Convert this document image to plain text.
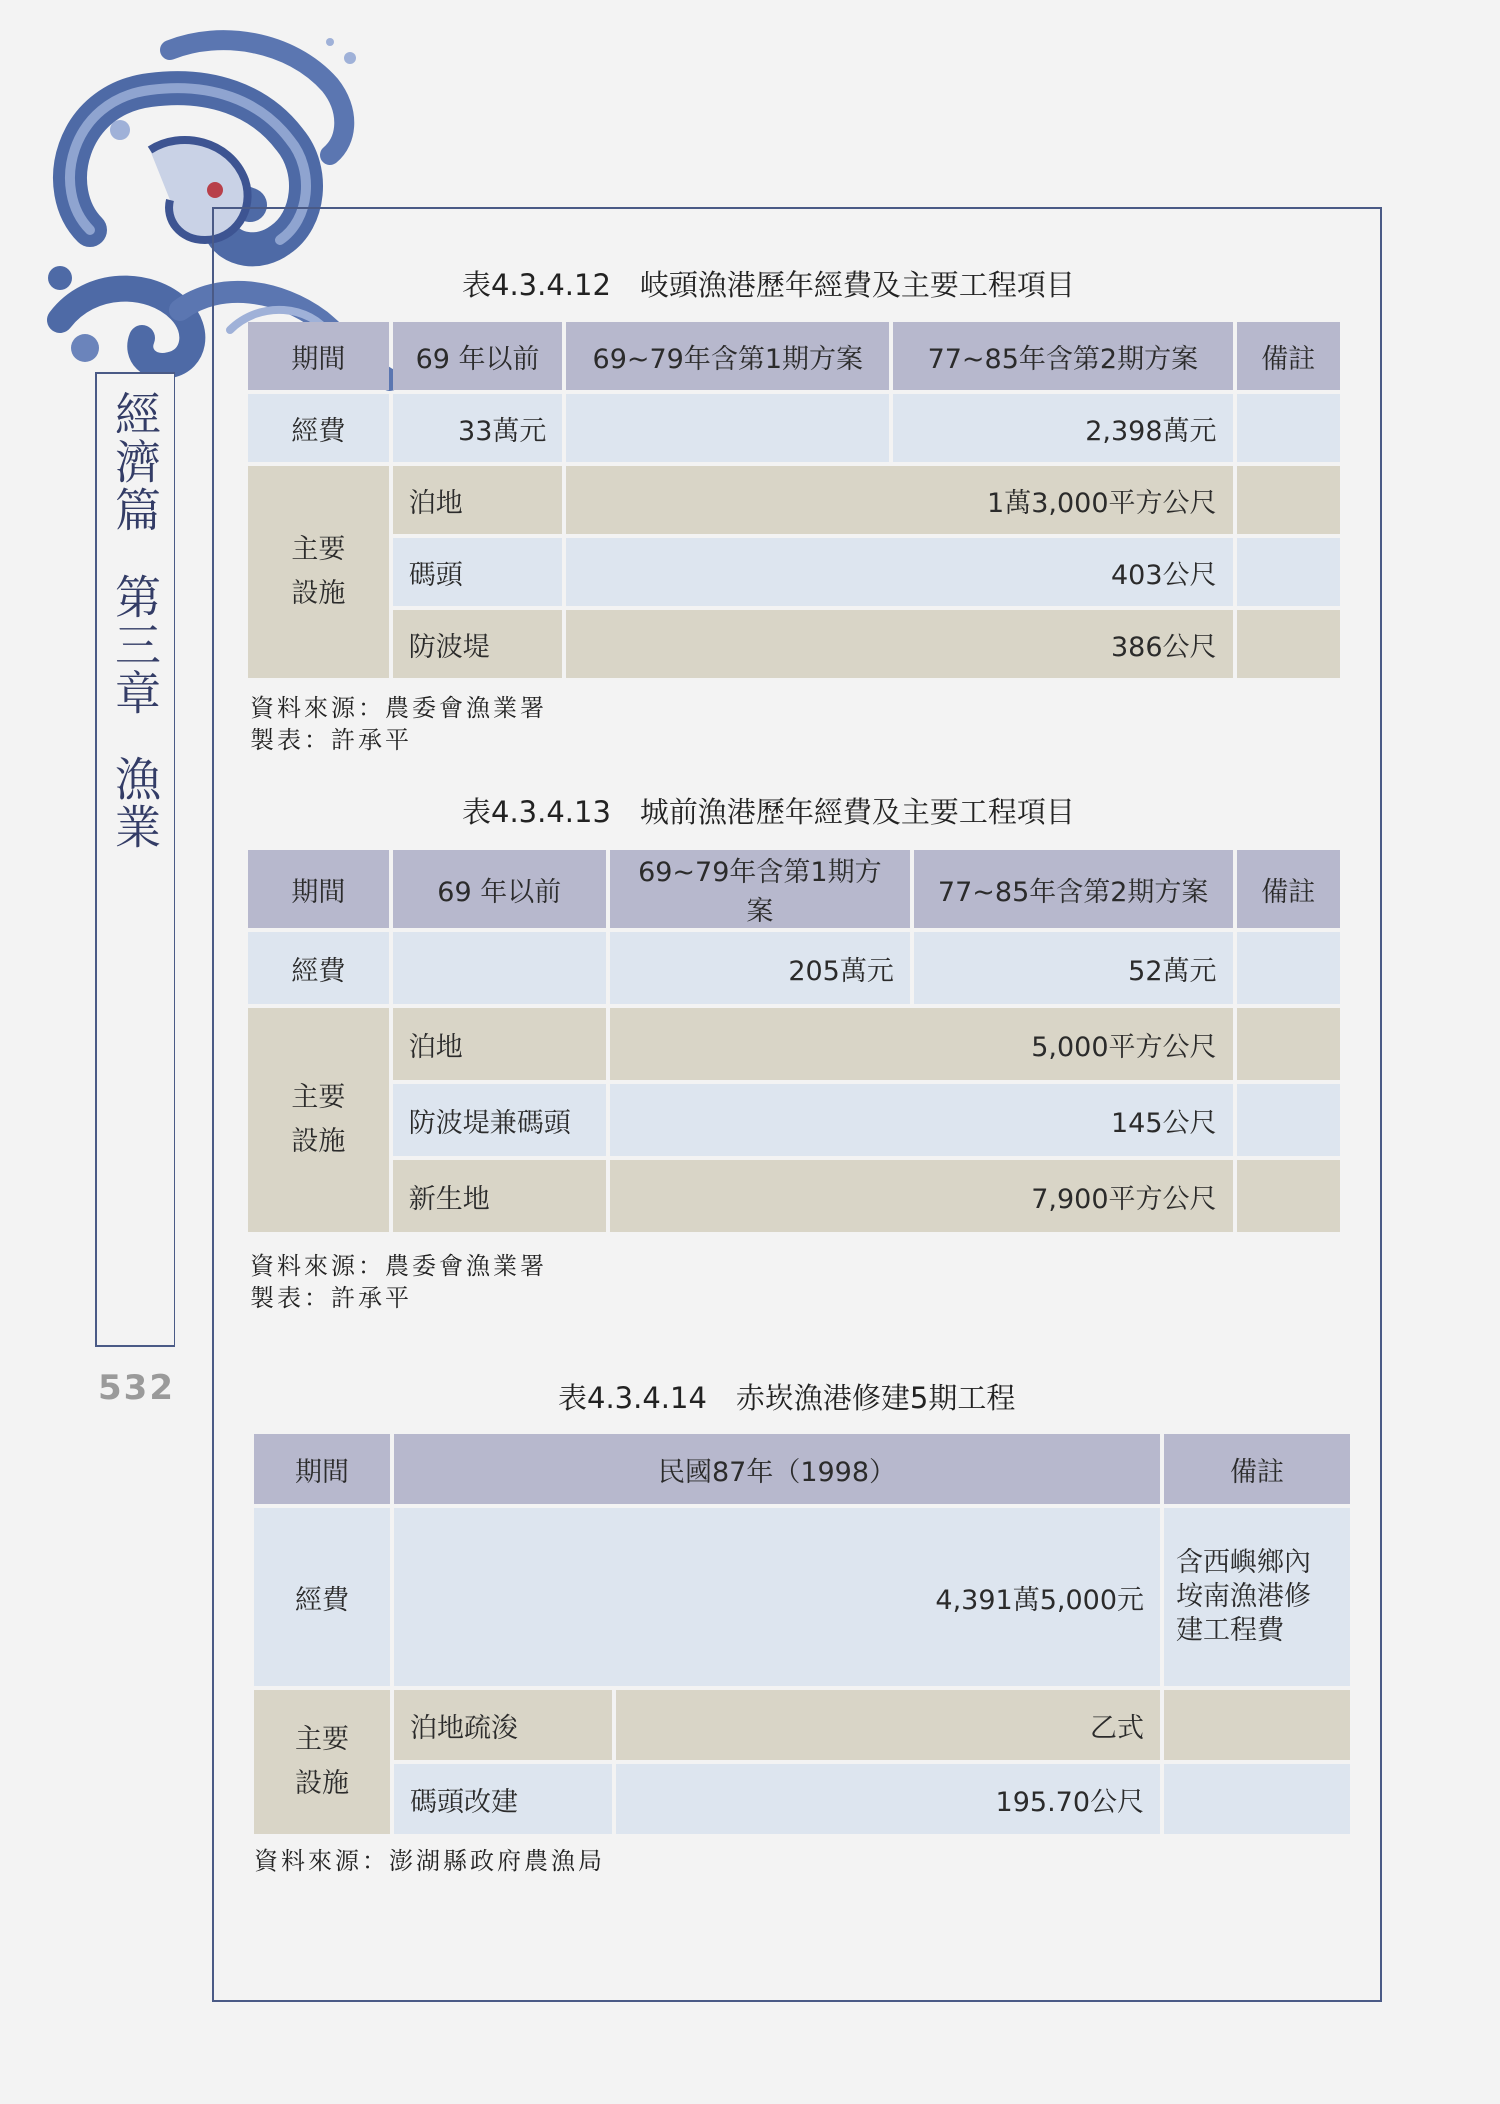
經濟篇 第三章 漁業
532
表4.3.4.12　岐頭漁港歷年經費及主要工程項目
期間	69 年以前	69~79年含第1期方案	77~85年含第2期方案	備註
經費	33萬元		2,398萬元	
主要
設施	泊地	1萬3,000平方公尺		
	碼頭	403公尺		
	防波堤	386公尺		
資料來源：農委會漁業署
製表：許承平
表4.3.4.13　城前漁港歷年經費及主要工程項目
期間	69 年以前	69~79年含第1期方案	77~85年含第2期方案	備註
經費		205萬元	52萬元	
主要
設施	泊地	5,000平方公尺		
	防波堤兼碼頭	145公尺		
	新生地	7,900平方公尺		
資料來源：農委會漁業署
製表：許承平
表4.3.4.14　赤崁漁港修建5期工程
期間	民國87年（1998）		備註
經費	4,391萬5,000元		含西嶼鄉內
垵南漁港修
建工程費
主要
設施	泊地疏浚	乙式	
	碼頭改建	195.70公尺	
資料來源：澎湖縣政府農漁局
